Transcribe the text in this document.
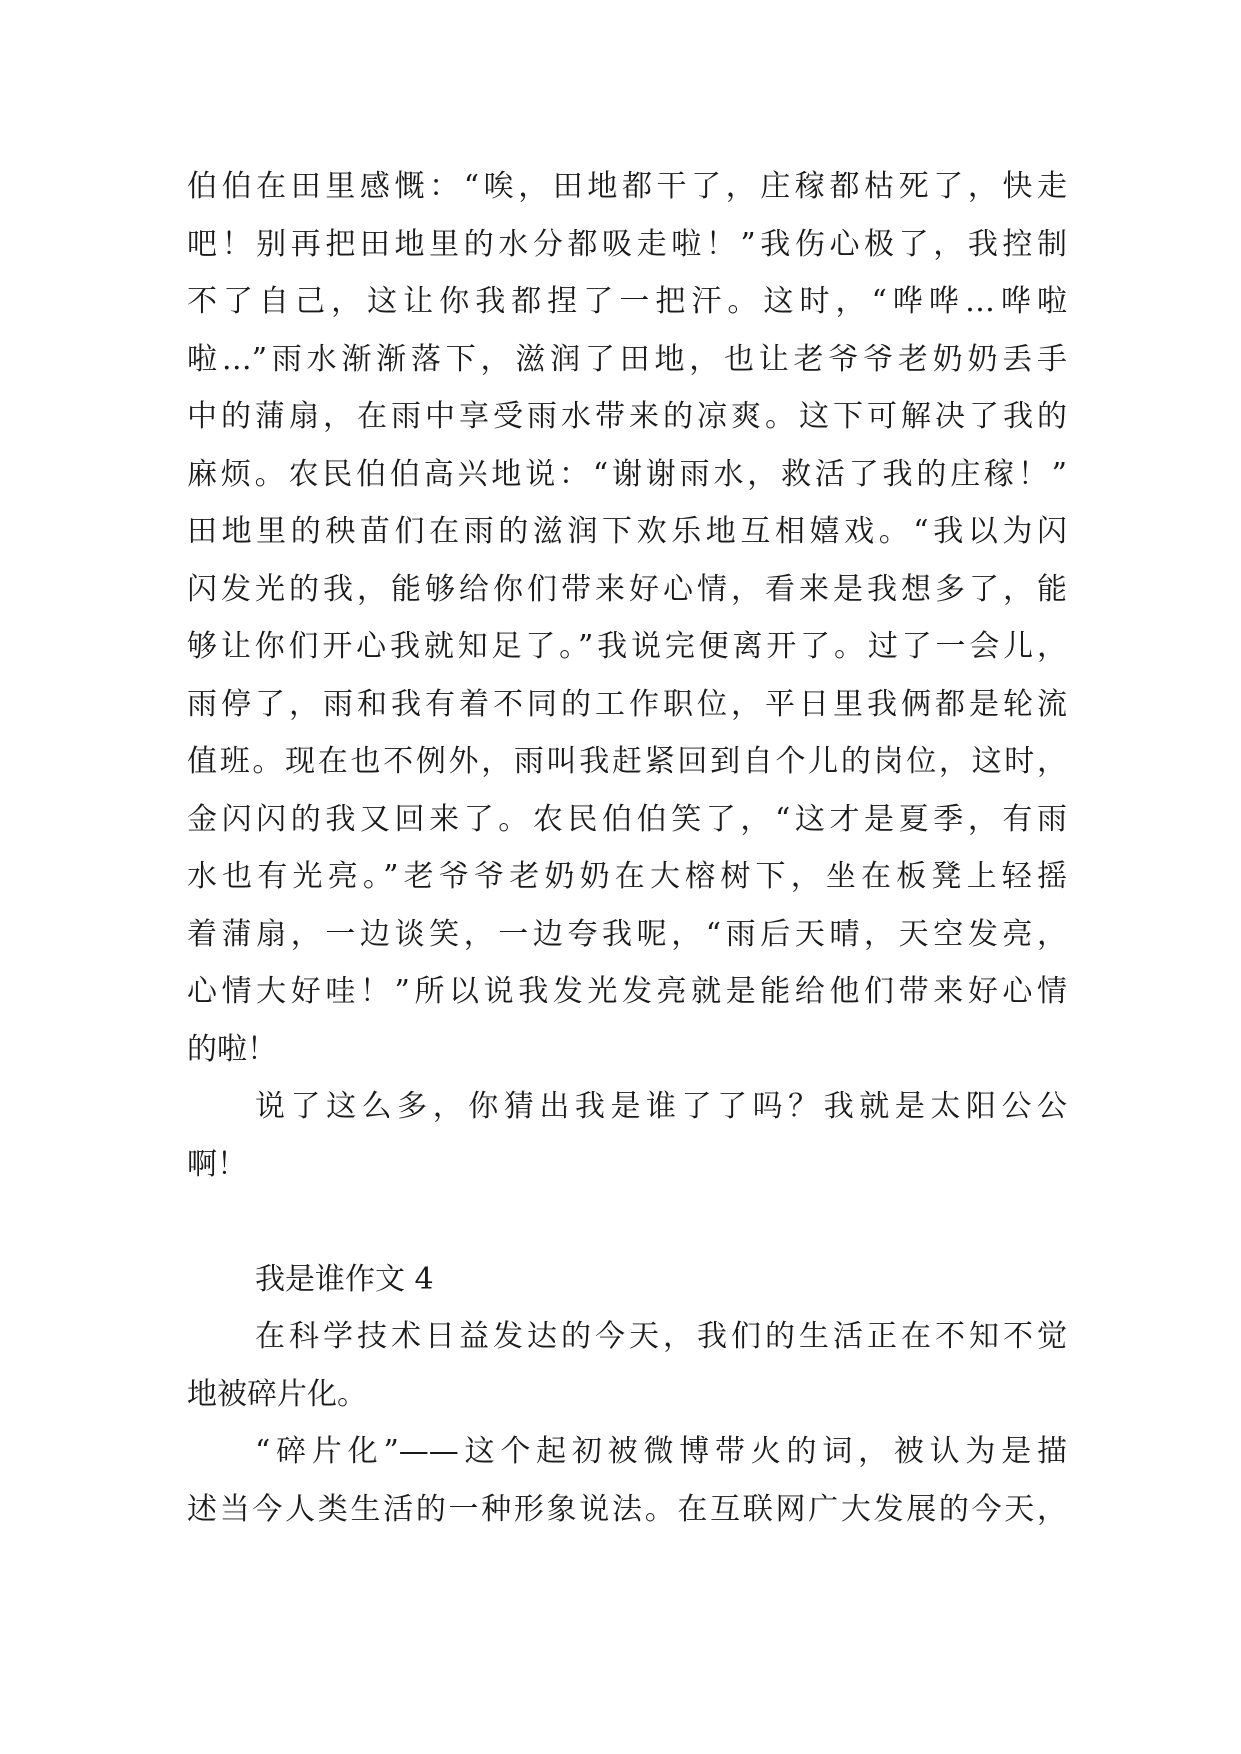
伯伯在田里感慨：“唉，田地都干了，庄稼都枯死了，快走
吧！别再把田地里的水分都吸走啦！”我伤心极了，我控制
不了自己，这让你我都捏了一把汗。这时，“哗哗…哗啦
啦…”雨水渐渐落下，滋润了田地，也让老爷爷老奶奶丢手
中的蒲扇，在雨中享受雨水带来的凉爽。这下可解决了我的
麻烦。农民伯伯高兴地说：“谢谢雨水，救活了我的庄稼！”
田地里的秧苗们在雨的滋润下欢乐地互相嬉戏。“我以为闪
闪发光的我，能够给你们带来好心情，看来是我想多了，能
够让你们开心我就知足了。”我说完便离开了。过了一会儿，
雨停了，雨和我有着不同的工作职位，平日里我俩都是轮流
值班。现在也不例外，雨叫我赶紧回到自个儿的岗位，这时，
金闪闪的我又回来了。农民伯伯笑了，“这才是夏季，有雨
水也有光亮。”老爷爷老奶奶在大榕树下，坐在板凳上轻摇
着蒲扇，一边谈笑，一边夸我呢，“雨后天晴，天空发亮，
心情大好哇！”所以说我发光发亮就是能给他们带来好心情
的啦！
说了这么多，你猜出我是谁了了吗？我就是太阳公公
啊！
我是谁作文 4
在科学技术日益发达的今天，我们的生活正在不知不觉
地被碎片化。
“碎片化”——这个起初被微博带火的词，被认为是描
述当今人类生活的一种形象说法。在互联网广大发展的今天，
